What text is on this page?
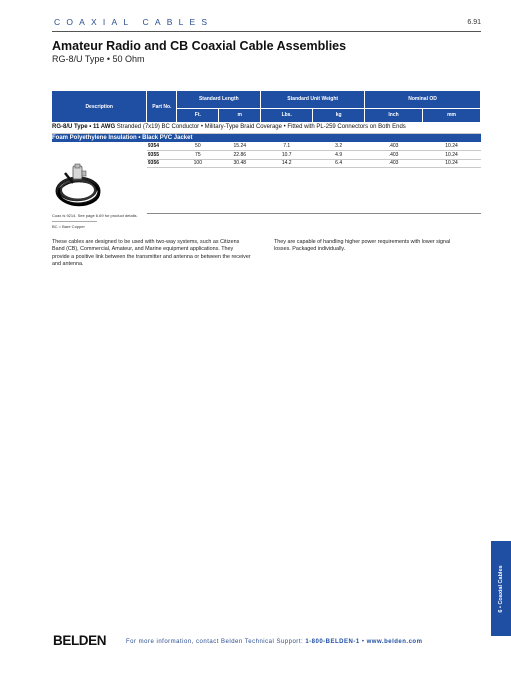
COAXIAL CABLES	6.91
Amateur Radio and CB Coaxial Cable Assemblies
RG-8/U Type • 50 Ohm
Description	Part No.	Standard Length		Standard Unit Weight		Nominal OD	
		Ft.	m	Lbs.	kg	Inch	mm
RG-8/U Type • 11 AWG Stranded (7x19) BC Conductor • Military-Type Braid Coverage • Fitted with PL-259 Connectors on Both Ends							
Foam Polyethylene Insulation • Black PVC Jacket							
	9354	50	15.24	7.1	3.2	.403	10.24
	9355	75	22.86	10.7	4.9	.403	10.24
	9356	100	30.48	14.2	6.4	.403	10.24

Coax is 9214. See page 6.69 for product details.
BC = Bare Copper

These cables are designed to be used with two-way systems, such as Citizens Band (CB), Commercial, Amateur, and Marine equipment applications. They provide a positive link between the transmitter and antenna or between the receiver and antenna.

They are capable of handling higher power requirements with lower signal losses. Packaged individually.

6 • Coaxial Cables
BELDEN	For more information, contact Belden Technical Support: 1-800-BELDEN-1 • www.belden.com
